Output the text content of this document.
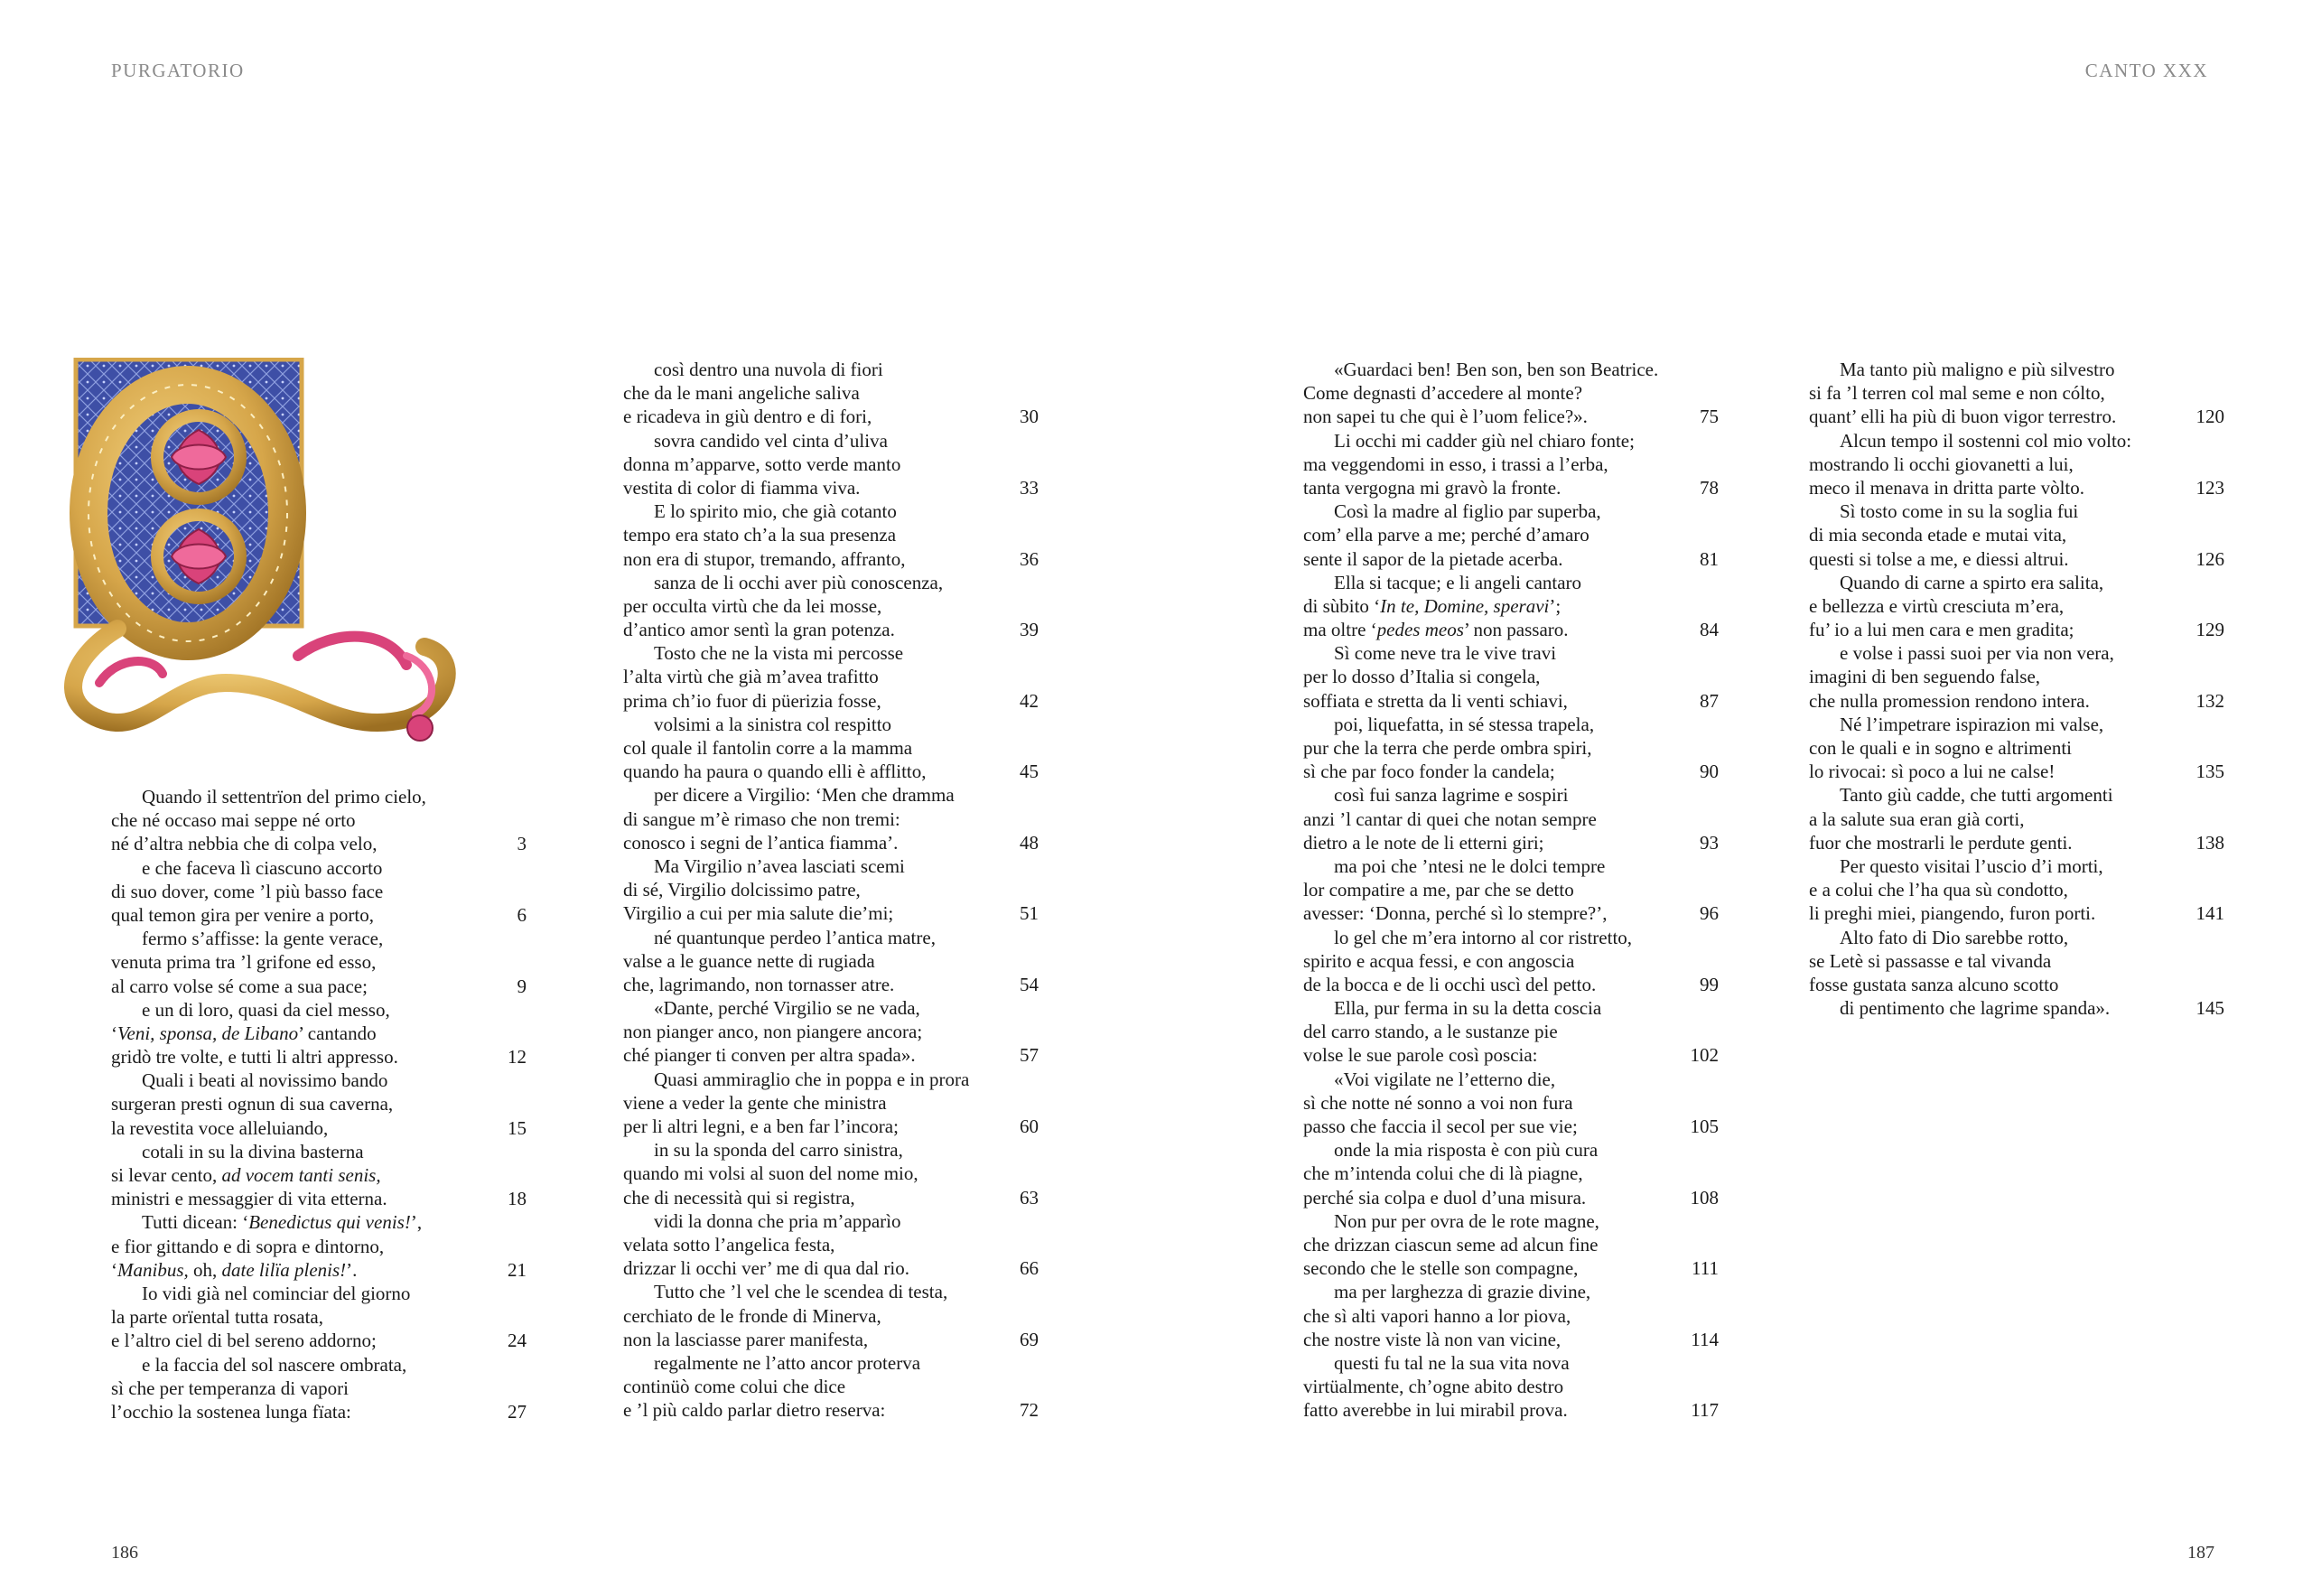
PURGATORIO
Quando il settentrïon del primo cielo,
che né occaso mai seppe né orto
né d’altra nebbia che di colpa velo,	3
e che faceva lì ciascuno accorto
di suo dover, come ’l più basso face
qual temon gira per venire a porto,	6
fermo s’affisse: la gente verace,
venuta prima tra ’l grifone ed esso,
al carro volse sé come a sua pace;	9
e un di loro, quasi da ciel messo,
‘Veni, sponsa, de Libano’ cantando
gridò tre volte, e tutti li altri appresso.	12
Quali i beati al novissimo bando
surgeran presti ognun di sua caverna,
la revestita voce alleluiando,	15
cotali in su la divina basterna
si levar cento, ad vocem tanti senis,
ministri e messaggier di vita etterna.	18
Tutti dicean: ‘Benedictus qui venis!’,
e fior gittando e di sopra e dintorno,
‘Manibus, oh, date lilïa plenis!’.	21
Io vidi già nel cominciar del giorno
la parte orïental tutta rosata,
e l’altro ciel di bel sereno addorno;	24
e la faccia del sol nascere ombrata,
sì che per temperanza di vapori
l’occhio la sostenea lunga fïata:	27
così dentro una nuvola di fiori
che da le mani angeliche saliva
e ricadeva in giù dentro e di fori,	30
sovra candido vel cinta d’uliva
donna m’apparve, sotto verde manto
vestita di color di fiamma viva.	33
E lo spirito mio, che già cotanto
tempo era stato ch’a la sua presenza
non era di stupor, tremando, affranto,	36
sanza de li occhi aver più conoscenza,
per occulta virtù che da lei mosse,
d’antico amor sentì la gran potenza.	39
Tosto che ne la vista mi percosse
l’alta virtù che già m’avea trafitto
prima ch’io fuor di püerizia fosse,	42
volsimi a la sinistra col respitto
col quale il fantolin corre a la mamma
quando ha paura o quando elli è afflitto,	45
per dicere a Virgilio: ‘Men che dramma
di sangue m’è rimaso che non tremi:
conosco i segni de l’antica fiamma’.	48
Ma Virgilio n’avea lasciati scemi
di sé, Virgilio dolcissimo patre,
Virgilio a cui per mia salute die’mi;	51
né quantunque perdeo l’antica matre,
valse a le guance nette di rugiada
che, lagrimando, non tornasser atre.	54
«Dante, perché Virgilio se ne vada,
non pianger anco, non piangere ancora;
ché pianger ti conven per altra spada».	57
Quasi ammiraglio che in poppa e in prora
viene a veder la gente che ministra
per li altri legni, e a ben far l’incora;	60
in su la sponda del carro sinistra,
quando mi volsi al suon del nome mio,
che di necessità qui si registra,	63
vidi la donna che pria m’apparìo
velata sotto l’angelica festa,
drizzar li occhi ver’ me di qua dal rio.	66
Tutto che ’l vel che le scendea di testa,
cerchiato de le fronde di Minerva,
non la lasciasse parer manifesta,	69
regalmente ne l’atto ancor proterva
continüò come colui che dice
e ’l più caldo parlar dietro reserva:	72
186
CANTO XXX
187
«Guardaci ben! Ben son, ben son Beatrice.
Come degnasti d’accedere al monte?
non sapei tu che qui è l’uom felice?».	75
Li occhi mi cadder giù nel chiaro fonte;
ma veggendomi in esso, i trassi a l’erba,
tanta vergogna mi gravò la fronte.	78
Così la madre al figlio par superba,
com’ ella parve a me; perché d’amaro
sente il sapor de la pietade acerba.	81
Ella si tacque; e li angeli cantaro
di sùbito ‘In te, Domine, speravi’;
ma oltre ‘pedes meos’ non passaro.	84
Sì come neve tra le vive travi
per lo dosso d’Italia si congela,
soffiata e stretta da li venti schiavi,	87
poi, liquefatta, in sé stessa trapela,
pur che la terra che perde ombra spiri,
sì che par foco fonder la candela;	90
così fui sanza lagrime e sospiri
anzi ’l cantar di quei che notan sempre
dietro a le note de li etterni giri;	93
ma poi che ’ntesi ne le dolci tempre
lor compatire a me, par che se detto
avesser: ‘Donna, perché sì lo stempre?’,	96
lo gel che m’era intorno al cor ristretto,
spirito e acqua fessi, e con angoscia
de la bocca e de li occhi uscì del petto.	99
Ella, pur ferma in su la detta coscia
del carro stando, a le sustanze pie
volse le sue parole così poscia:	102
«Voi vigilate ne l’etterno die,
sì che notte né sonno a voi non fura
passo che faccia il secol per sue vie;	105
onde la mia risposta è con più cura
che m’intenda colui che di là piagne,
perché sia colpa e duol d’una misura.	108
Non pur per ovra de le rote magne,
che drizzan ciascun seme ad alcun fine
secondo che le stelle son compagne,	111
ma per larghezza di grazie divine,
che sì alti vapori hanno a lor piova,
che nostre viste là non van vicine,	114
questi fu tal ne la sua vita nova
virtüalmente, ch’ogne abito destro
fatto averebbe in lui mirabil prova.	117
Ma tanto più maligno e più silvestro
si fa ’l terren col mal seme e non cólto,
quant’ elli ha più di buon vigor terrestro.	120
Alcun tempo il sostenni col mio volto:
mostrando li occhi giovanetti a lui,
meco il menava in dritta parte vòlto.	123
Sì tosto come in su la soglia fui
di mia seconda etade e mutai vita,
questi si tolse a me, e diessi altrui.	126
Quando di carne a spirto era salita,
e bellezza e virtù cresciuta m’era,
fu’ io a lui men cara e men gradita;	129
e volse i passi suoi per via non vera,
imagini di ben seguendo false,
che nulla promession rendono intera.	132
Né l’impetrare ispirazion mi valse,
con le quali e in sogno e altrimenti
lo rivocai: sì poco a lui ne calse!	135
Tanto giù cadde, che tutti argomenti
a la salute sua eran già corti,
fuor che mostrarli le perdute genti.	138
Per questo visitai l’uscio d’i morti,
e a colui che l’ha qua sù condotto,
li preghi miei, piangendo, furon porti.	141
Alto fato di Dio sarebbe rotto,
se Letè si passasse e tal vivanda
fosse gustata sanza alcuno scotto
di pentimento che lagrime spanda».	145
